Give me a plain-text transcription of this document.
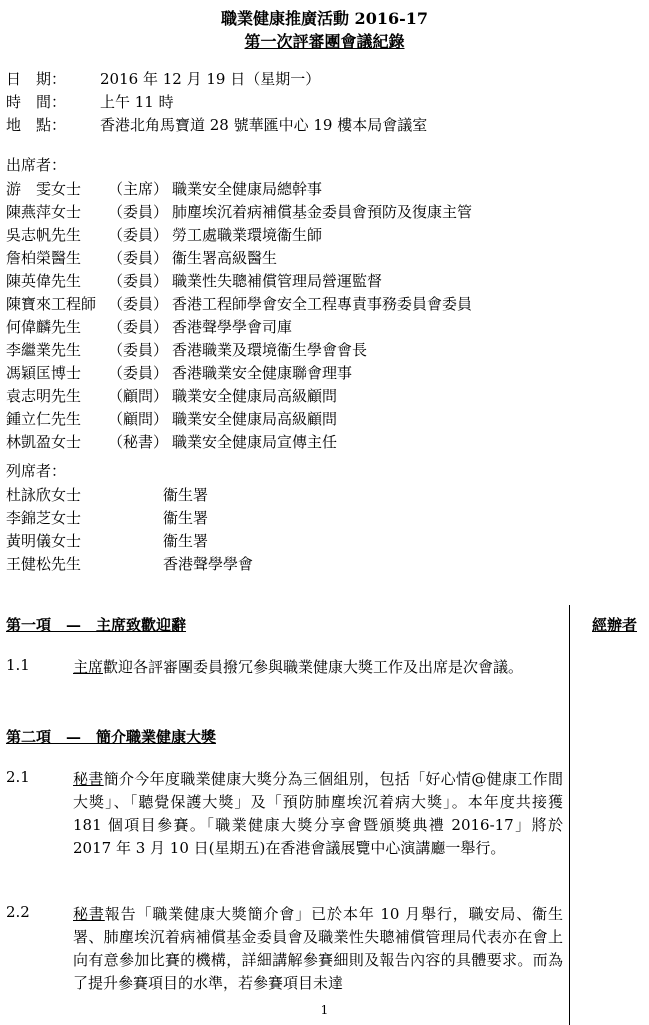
職業健康推廣活動 2016-17
第一次評審團會議紀錄
日　期： 2016 年 12 月 19 日（星期一）
時　間： 上午 11 時
地　點： 香港北角馬寶道 28 號華匯中心 19 樓本局會議室
出席者：
游　雯女士 （主席） 職業安全健康局總幹事
陳燕萍女士 （委員） 肺塵埃沉着病補償基金委員會預防及復康主管
吳志帆先生 （委員） 勞工處職業環境衞生師
詹柏榮醫生 （委員） 衞生署高級醫生
陳英偉先生 （委員） 職業性失聰補償管理局營運監督
陳寶來工程師 （委員） 香港工程師學會安全工程專責事務委員會委員
何偉麟先生 （委員） 香港聲學學會司庫
李繼業先生 （委員） 香港職業及環境衞生學會會長
馮穎匡博士 （委員） 香港職業安全健康聯會理事
袁志明先生 （顧問） 職業安全健康局高級顧問
鍾立仁先生 （顧問） 職業安全健康局高級顧問
林凱盈女士 （秘書） 職業安全健康局宣傳主任
列席者：
杜詠欣女士	衞生署
李錦芝女士	衞生署
黃明儀女士	衞生署
王健松先生	香港聲學學會
經辦者
第一項　—　主席致歡迎辭
1.1	主席歡迎各評審團委員撥冗參與職業健康大獎工作及出席是次會議。
第二項　—　簡介職業健康大獎
2.1	秘書簡介今年度職業健康大獎分為三個組別，包括「好心情@健康工作間大獎」、「聽覺保護大獎」及「預防肺塵埃沉着病大獎」。本年度共接獲 181 個項目參賽。「職業健康大獎分享會暨頒獎典禮 2016-17」將於 2017 年 3 月 10 日(星期五)在香港會議展覽中心演講廳一舉行。
2.2	秘書報告「職業健康大獎簡介會」已於本年 10 月舉行，職安局、衞生署、肺塵埃沉着病補償基金委員會及職業性失聰補償管理局代表亦在會上向有意參加比賽的機構，詳細講解參賽細則及報告內容的具體要求。而為了提升參賽項目的水準，若參賽項目未達
1
